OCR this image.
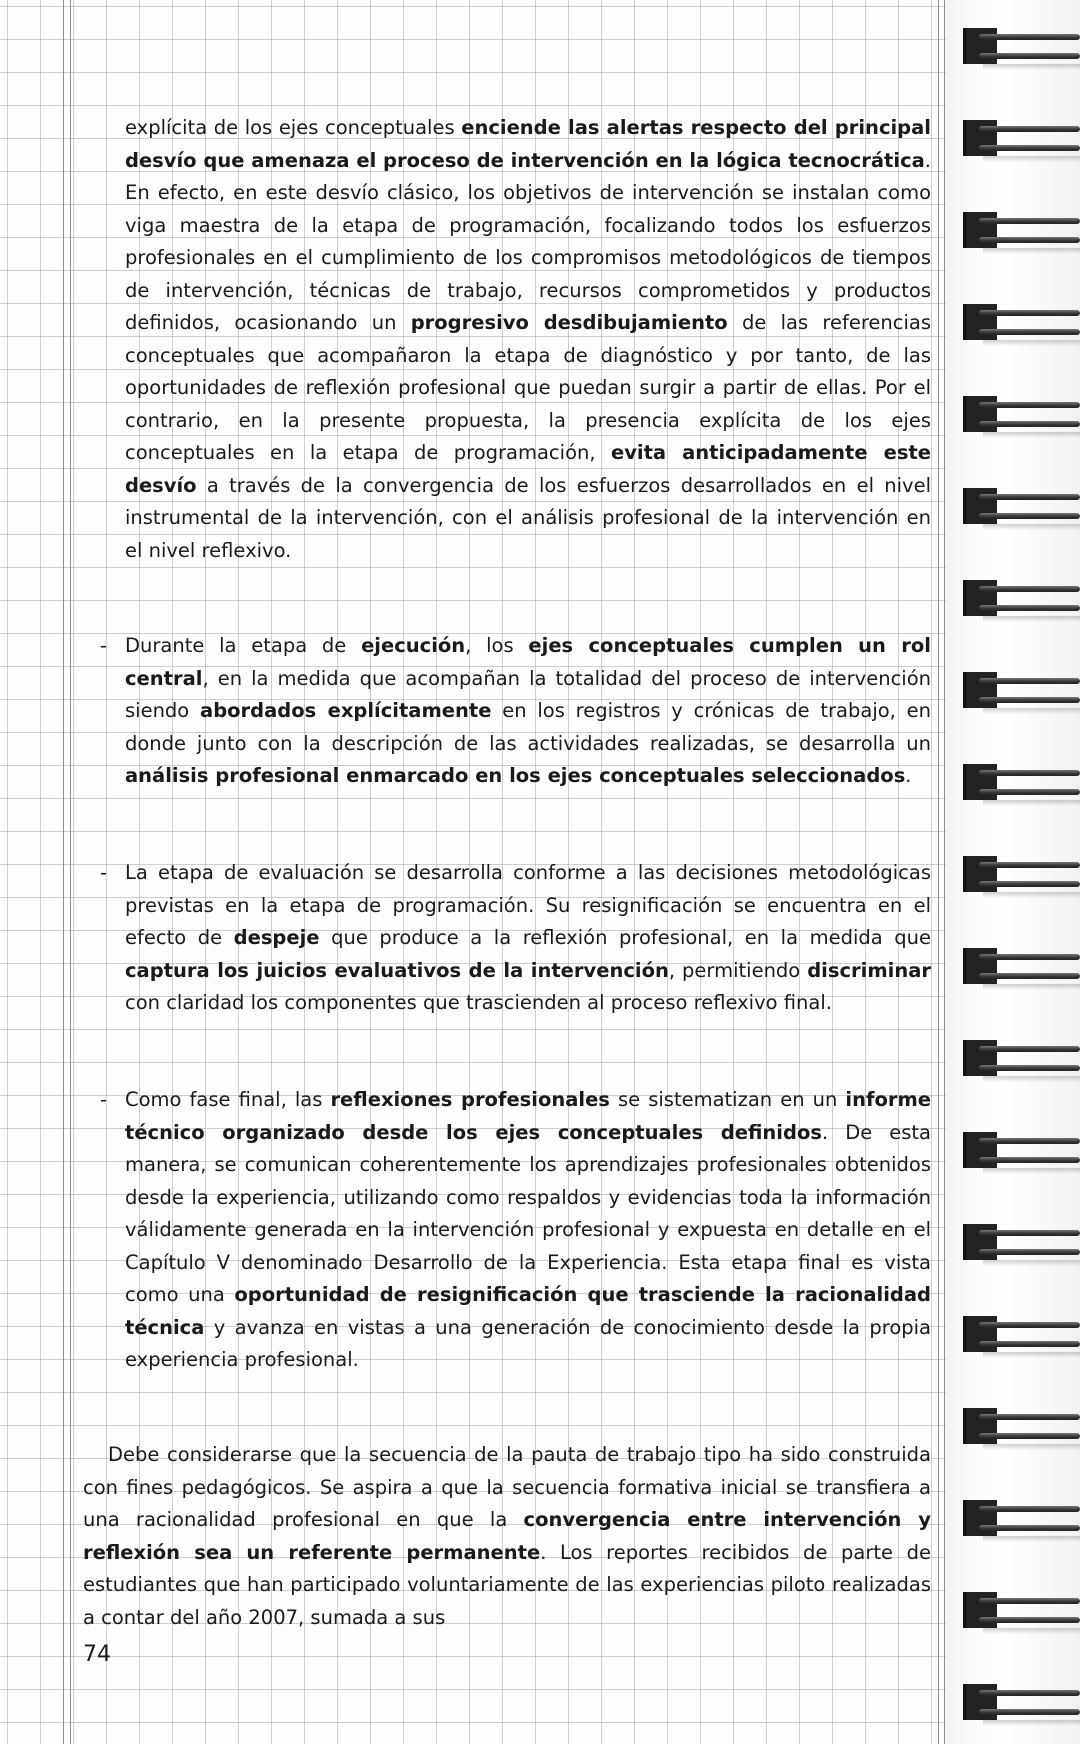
explícita de los ejes conceptuales enciende las alertas respecto del principal desvío que amenaza el proceso de intervención en la lógica tecnocrática. En efecto, en este desvío clásico, los objetivos de intervención se instalan como viga maestra de la etapa de programación, focalizando todos los esfuerzos profesionales en el cumplimiento de los compromisos metodológicos de tiempos de intervención, técnicas de trabajo, recursos comprometidos y productos definidos, ocasionando un progresivo desdibujamiento de las referencias conceptuales que acompañaron la etapa de diagnóstico y por tanto, de las oportunidades de reflexión profesional que puedan surgir a partir de ellas. Por el contrario, en la presente propuesta, la presencia explícita de los ejes conceptuales en la etapa de programación, evita anticipadamente este desvío a través de la convergencia de los esfuerzos desarrollados en el nivel instrumental de la intervención, con el análisis profesional de la intervención en el nivel reflexivo.
- Durante la etapa de ejecución, los ejes conceptuales cumplen un rol central, en la medida que acompañan la totalidad del proceso de intervención siendo abordados explícitamente en los registros y crónicas de trabajo, en donde junto con la descripción de las actividades realizadas, se desarrolla un análisis profesional enmarcado en los ejes conceptuales seleccionados.
- La etapa de evaluación se desarrolla conforme a las decisiones metodológicas previstas en la etapa de programación. Su resignificación se encuentra en el efecto de despeje que produce a la reflexión profesional, en la medida que captura los juicios evaluativos de la intervención, permitiendo discriminar con claridad los componentes que trascienden al proceso reflexivo final.
- Como fase final, las reflexiones profesionales se sistematizan en un informe técnico organizado desde los ejes conceptuales definidos. De esta manera, se comunican coherentemente los aprendizajes profesionales obtenidos desde la experiencia, utilizando como respaldos y evidencias toda la información válidamente generada en la intervención profesional y expuesta en detalle en el Capítulo V denominado Desarrollo de la Experiencia. Esta etapa final es vista como una oportunidad de resignificación que trasciende la racionalidad técnica y avanza en vistas a una generación de conocimiento desde la propia experiencia profesional.
Debe considerarse que la secuencia de la pauta de trabajo tipo ha sido construida con fines pedagógicos. Se aspira a que la secuencia formativa inicial se transfiera a una racionalidad profesional en que la convergencia entre intervención y reflexión sea un referente permanente. Los reportes recibidos de parte de estudiantes que han participado voluntariamente de las experiencias piloto realizadas a contar del año 2007, sumada a sus
74
